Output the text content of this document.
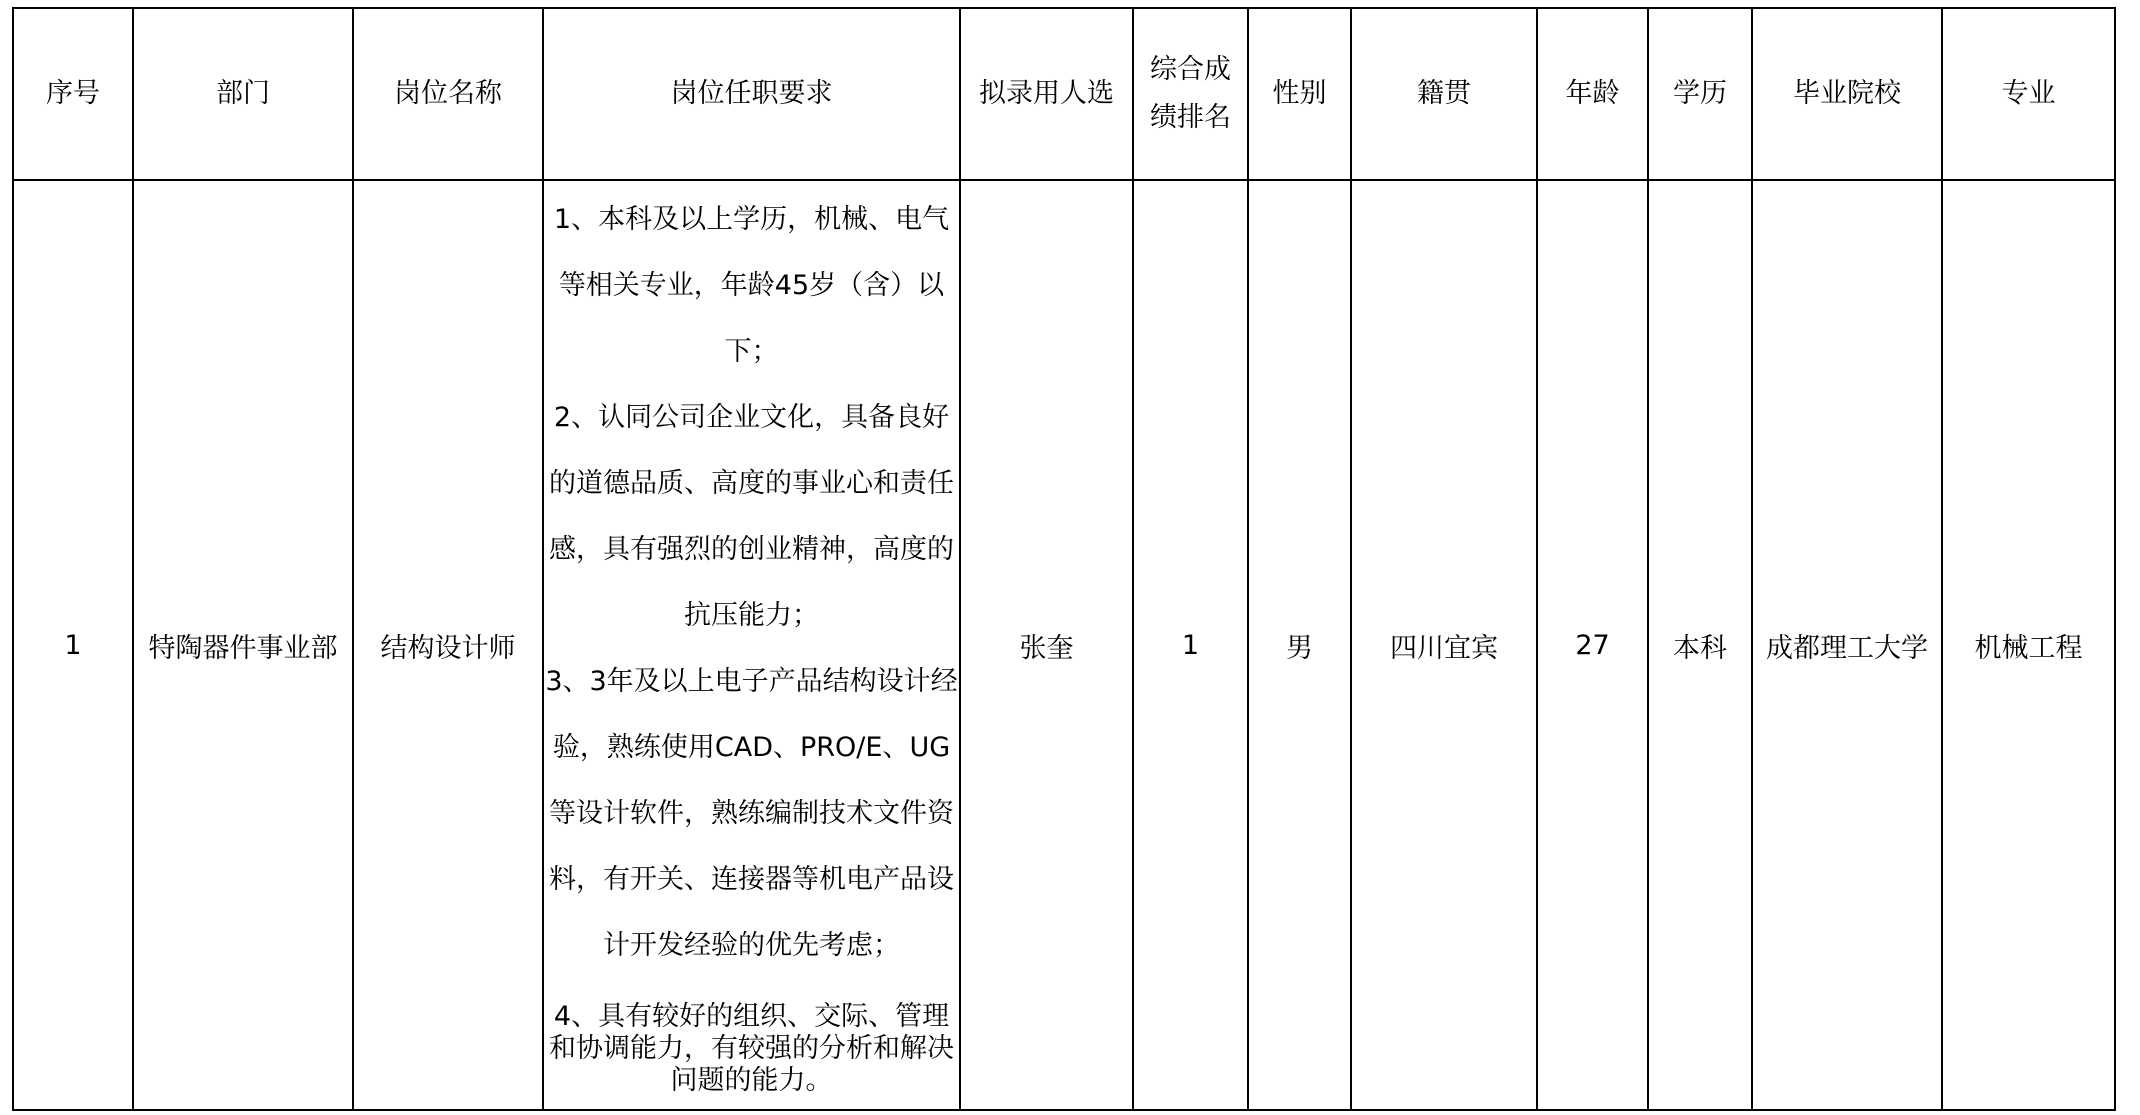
序号	部门	岗位名称	岗位任职要求	拟录用人选	综合成
绩排名	性别	籍贯	年龄	学历	毕业院校	专业
1	特陶器件事业部	结构设计师	1、本科及以上学历，机械、电气等相关专业，年龄45岁（含）以下；
2、认同公司企业文化，具备良好的道德品质、高度的事业心和责任感，具有强烈的创业精神，高度的抗压能力；
3、3年及以上电子产品结构设计经验，熟练使用CAD、PRO/E、UG等设计软件，熟练编制技术文件资料，有开关、连接器等机电产品设计开发经验的优先考虑；
4、具有较好的组织、交际、管理和协调能力，有较强的分析和解决问题的能力。	张奎	1	男	四川宜宾	27	本科	成都理工大学	机械工程
